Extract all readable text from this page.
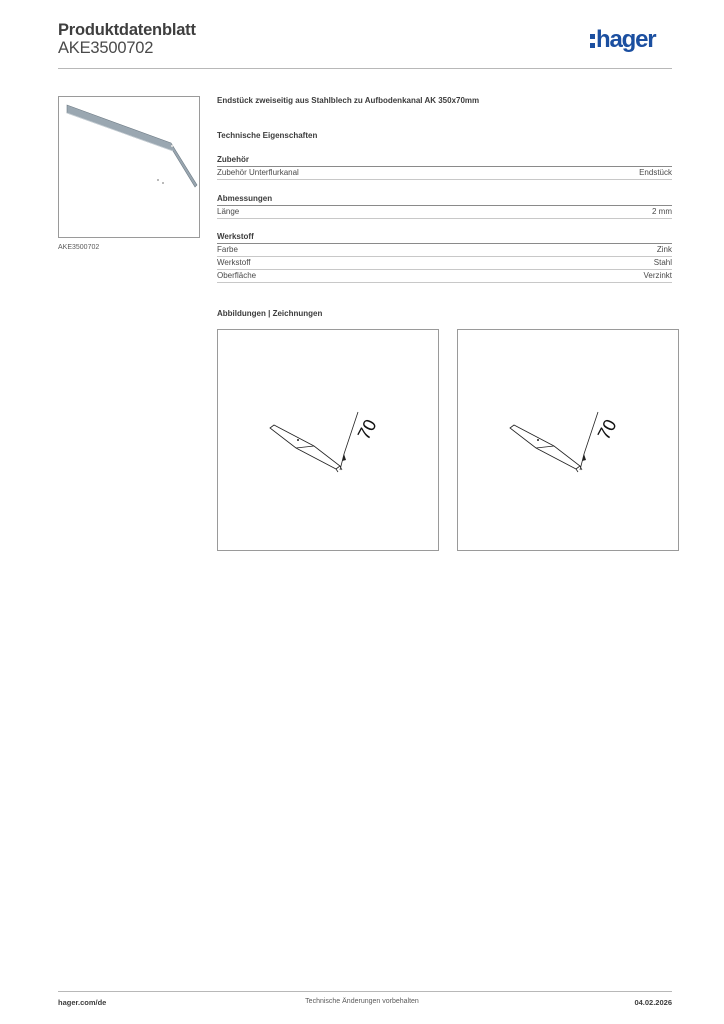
Produktdatenblatt
AKE3500702	hager
AKE3500702
Endstück zweiseitig aus Stahlblech zu Aufbodenkanal AK 350x70mm
Technische Eigenschaften
Zubehör
Zubehör Unterflurkanal	Endstück
Abmessungen
Länge	2 mm
Werkstoff
Farbe	Zink
Werkstoff	Stahl
Oberfläche	Verzinkt
Abbildungen | Zeichnungen
70	70
hager.com/de	Technische Änderungen vorbehalten	04.02.2026
